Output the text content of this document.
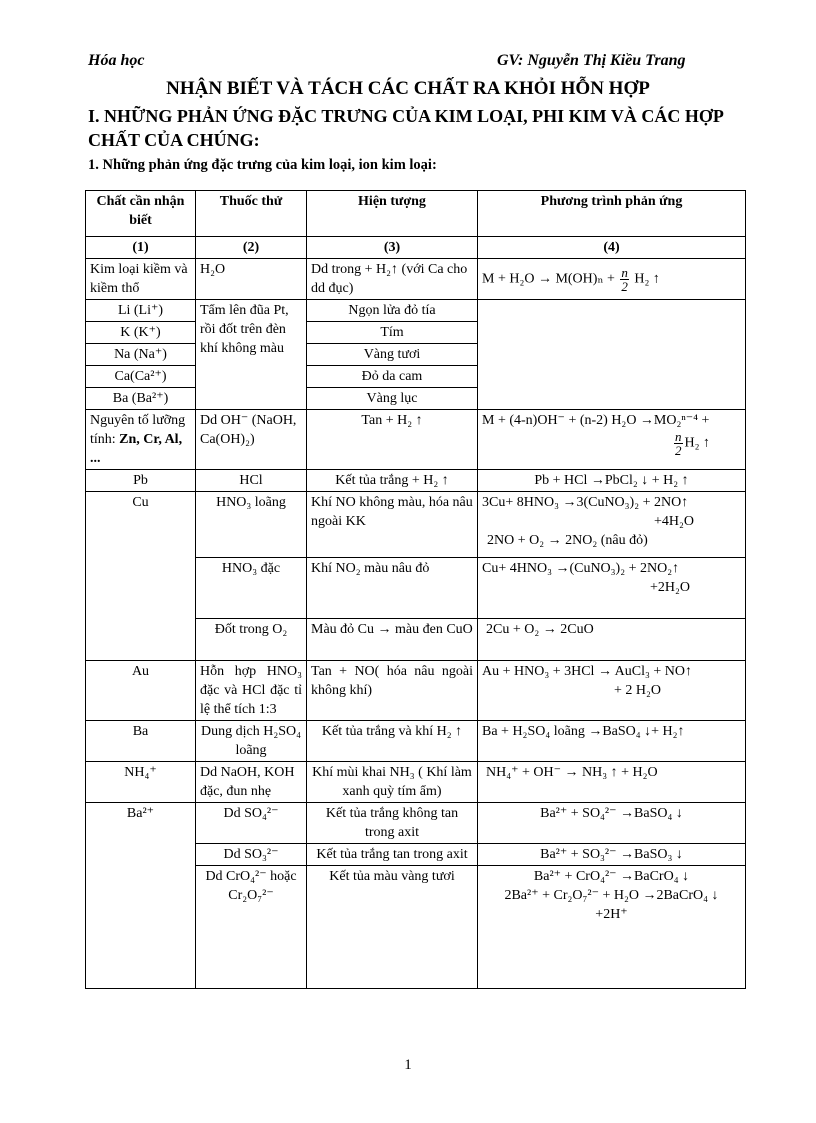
Hóa học	GV: Nguyễn Thị Kiều Trang
NHẬN BIẾT VÀ TÁCH CÁC CHẤT RA KHỎI HỖN HỢP
I. NHỮNG PHẢN ỨNG ĐẶC TRƯNG CỦA KIM LOẠI, PHI KIM VÀ CÁC HỢP CHẤT CỦA CHÚNG:
1. Những phản ứng đặc trưng của kim loại, ion kim loại:
Chất cần nhận biết	Thuốc thử	Hiện tượng	Phương trình phản ứng
(1)	(2)	(3)	(4)
Kim loại kiềm và kiềm thổ	H₂O	Dd trong + H₂↑ (với Ca cho dd đục)	$M + H_2O \to M(OH)_n + \frac{n}{2} H_2$ ↑
Li (Li⁺)	Tẩm lên đũa Pt, rồi đốt trên đèn khí không màu	Ngọn lửa đỏ tía	
K (K⁺)		Tím	
Na (Na⁺)		Vàng tươi	
Ca(Ca²⁺)		Đỏ da cam	
Ba (Ba²⁺)		Vàng lục	
Nguyên tố lưỡng tính: Zn, Cr, Al, ...	Dd OH⁻ (NaOH, Ca(OH)₂)	Tan + H₂ ↑	M + (4-n)OH⁻ + (n-2) H₂O →MO₂ⁿ⁻⁴ +
$\frac{n}{2} H_2$ ↑

Pb	HCl	Kết tủa trắng + H₂ ↑	Pb + HCl →PbCl₂ ↓ + H₂ ↑
Cu	HNO₃ loãng	Khí NO không màu, hóa nâu ngoài KK	3Cu+ 8HNO₃ →3(CuNO₃)₂ + 2NO↑
+4H₂O
2NO + O₂ → 2NO₂ (nâu đỏ)

	HNO₃ đặc	Khí NO₂ màu nâu đỏ	Cu+ 4HNO₃ →(CuNO₃)₂ + 2NO₂↑
+2H₂O

	Đốt trong O₂	Màu đỏ Cu → màu đen CuO	2Cu + O₂ → 2CuO
Au	Hỗn hợp HNO₃ đặc và HCl đặc tỉ lệ thể tích 1:3	Tan + NO( hóa nâu ngoài không khí)	Au + HNO₃ + 3HCl → AuCl₃ + NO↑
+ 2 H₂O

Ba	Dung dịch H₂SO₄ loãng	Kết tủa trắng và khí H₂ ↑	Ba + H₂SO₄ loãng →BaSO₄ ↓+ H₂↑
NH₄⁺	Dd NaOH, KOH đặc, đun nhẹ	Khí mùi khai NH₃ ( Khí làm xanh quỳ tím ẩm)	NH₄⁺ + OH⁻ → NH₃ ↑ + H₂O
Ba²⁺	Dd SO₄²⁻	Kết tủa trắng không tan trong axit	Ba²⁺ + SO₄²⁻ →BaSO₄ ↓
	Dd SO₃²⁻	Kết tủa trắng tan trong axit	Ba²⁺ + SO₃²⁻ →BaSO₃ ↓
	Dd CrO₄²⁻ hoặc Cr₂O₇²⁻	Kết tủa màu vàng tươi	Ba²⁺ + CrO₄²⁻ →BaCrO₄ ↓
2Ba²⁺ + Cr₂O₇²⁻ + H₂O →2BaCrO₄ ↓
+2H⁺
1
